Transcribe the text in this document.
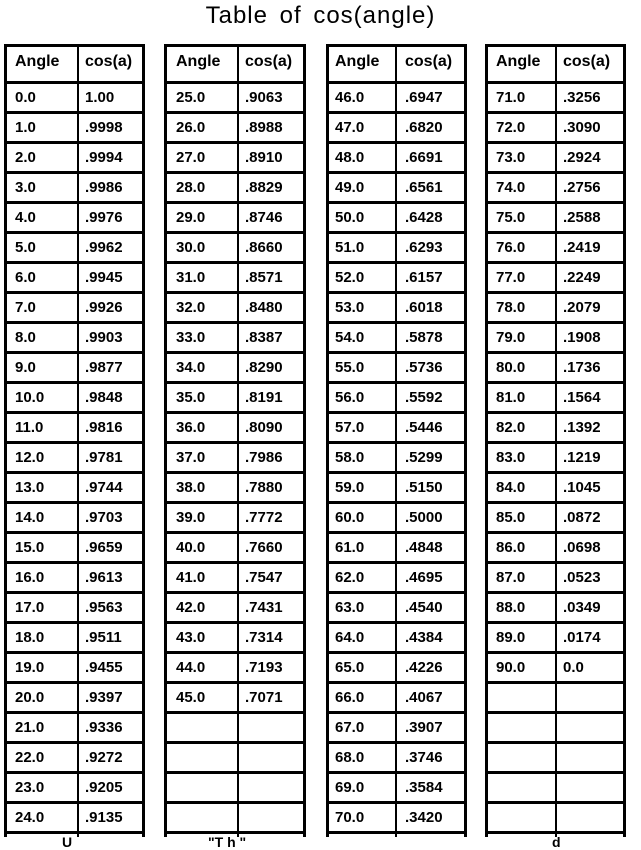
Table of cos(angle)
Angle cos(a)
0.0	1.00
1.0	.9998
2.0	.9994
3.0	.9986
4.0	.9976
5.0	.9962
6.0	.9945
7.0	.9926
8.0	.9903
9.0	.9877
10.0	.9848
11.0	.9816
12.0	.9781
13.0	.9744
14.0	.9703
15.0	.9659
16.0	.9613
17.0	.9563
18.0	.9511
19.0	.9455
20.0	.9397
21.0	.9336
22.0	.9272
23.0	.9205
24.0	.9135
Angle cos(a)
25.0	.9063
26.0	.8988
27.0	.8910
28.0	.8829
29.0	.8746
30.0	.8660
31.0	.8571
32.0	.8480
33.0	.8387
34.0	.8290
35.0	.8191
36.0	.8090
37.0	.7986
38.0	.7880
39.0	.7772
40.0	.7660
41.0	.7547
42.0	.7431
43.0	.7314
44.0	.7193
45.0	.7071
Angle cos(a)
46.0	.6947
47.0	.6820
48.0	.6691
49.0	.6561
50.0	.6428
51.0	.6293
52.0	.6157
53.0	.6018
54.0	.5878
55.0	.5736
56.0	.5592
57.0	.5446
58.0	.5299
59.0	.5150
60.0	.5000
61.0	.4848
62.0	.4695
63.0	.4540
64.0	.4384
65.0	.4226
66.0	.4067
67.0	.3907
68.0	.3746
69.0	.3584
70.0	.3420
Angle cos(a)
71.0	.3256
72.0	.3090
73.0	.2924
74.0	.2756
75.0	.2588
76.0	.2419
77.0	.2249
78.0	.2079
79.0	.1908
80.0	.1736
81.0	.1564
82.0	.1392
83.0	.1219
84.0	.1045
85.0	.0872
86.0	.0698
87.0	.0523
88.0	.0349
89.0	.0174
90.0	0.0
U	"T h "	d
